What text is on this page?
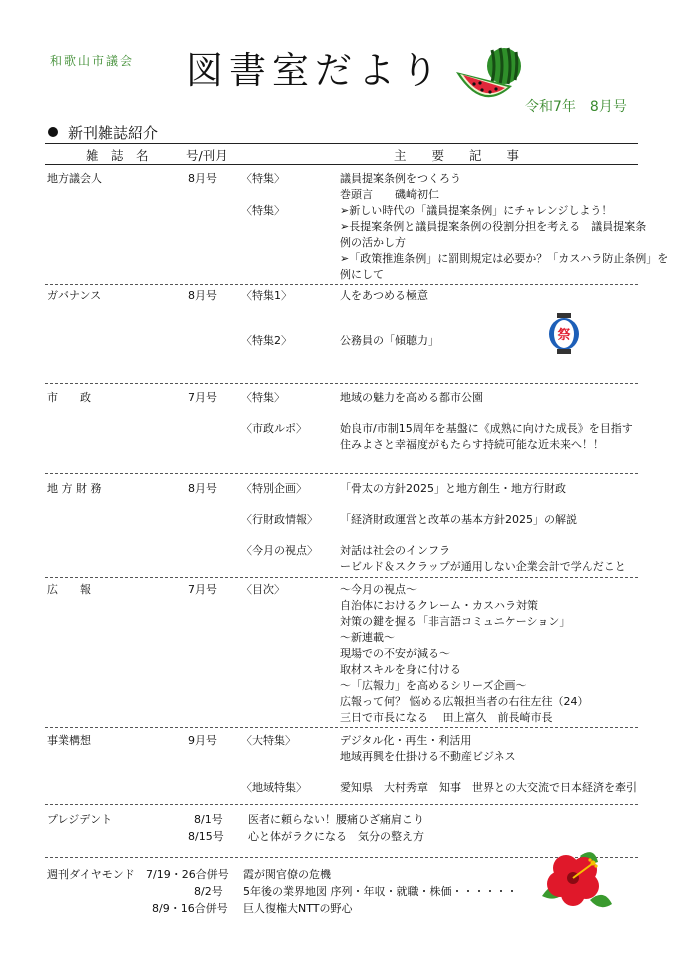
和歌山市議会 図書室だより
令和7年　8月号
新刊雑誌紹介
雑　誌　名	号/刊月	主　　要　　記　　事
地方議会人	8月号 〈特集〉	議員提案条例をつくろう
巻頭言　　磯崎初仁
〈特集〉	➢新しい時代の「議員提案条例」にチャレンジしよう！
➢長提案条例と議員提案条例の役割分担を考える　議員提案条
例の活かし方
➢「政策推進条例」に罰則規定は必要か？「カスハラ防止条例」を
例にして
ガバナンス	8月号 〈特集1〉	人をあつめる極意
〈特集2〉	公務員の「傾聴力」	祭
市　　政	7月号 〈特集〉	地域の魅力を高める都市公園
〈市政ルポ〉	始良市/市制15周年を基盤に《成熟に向けた成長》を目指す
住みよさと幸福度がもたらす持続可能な近未来へ！！
地 方 財 務	8月号 〈特別企画〉	「骨太の方針2025」と地方創生・地方行財政
〈行財政情報〉 「経済財政運営と改革の基本方針2025」の解説
〈今月の視点〉 対話は社会のインフラ
ービルド＆スクラップが通用しない企業会計で学んだこと
広　　報	7月号 〈目次〉	～今月の視点～
自治体におけるクレーム・カスハラ対策
対策の鍵を握る「非言語コミュニケーション」
～新連載～
現場での不安が減る～
取材スキルを身に付ける
～「広報力」を高めるシリーズ企画～
広報って何？ 悩める広報担当者の右往左往（24）
三日で市長になる　 田上富久　前長崎市長
事業構想	9月号 〈大特集〉	デジタル化・再生・利活用
地域再興を仕掛ける不動産ビジネス
〈地域特集〉	愛知県　大村秀章　知事　世界との大交流で日本経済を牽引
プレジデント	8/1号 医者に頼らない！腰痛ひざ痛肩こり
8/15号 心と体がラクになる　気分の整え方
週刊ダイヤモンド 7/19・26合併号 霞が関官僚の危機
8/2号 5年後の業界地図 序列・年収・就職・株価・・・・・・
8/9・16合併号 巨人復権大NTTの野心
